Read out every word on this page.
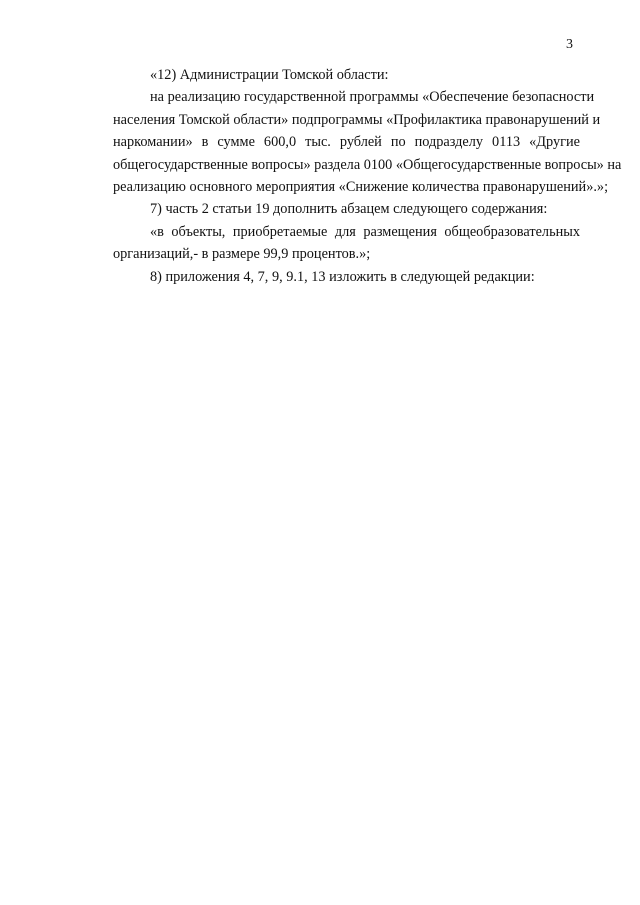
3
«12) Администрации Томской области:
на реализацию государственной программы «Обеспечение безопасности
населения Томской области» подпрограммы «Профилактика правонарушений и
наркомании» в сумме 600,0 тыс. рублей по подразделу 0113 «Другие
общегосударственные вопросы» раздела 0100 «Общегосударственные вопросы» на
реализацию основного мероприятия «Снижение количества правонарушений».»;
7) часть 2 статьи 19 дополнить абзацем следующего содержания:
«в объекты, приобретаемые для размещения общеобразовательных
организаций,- в размере 99,9 процентов.»;
8) приложения 4, 7, 9, 9.1, 13 изложить в следующей редакции:
